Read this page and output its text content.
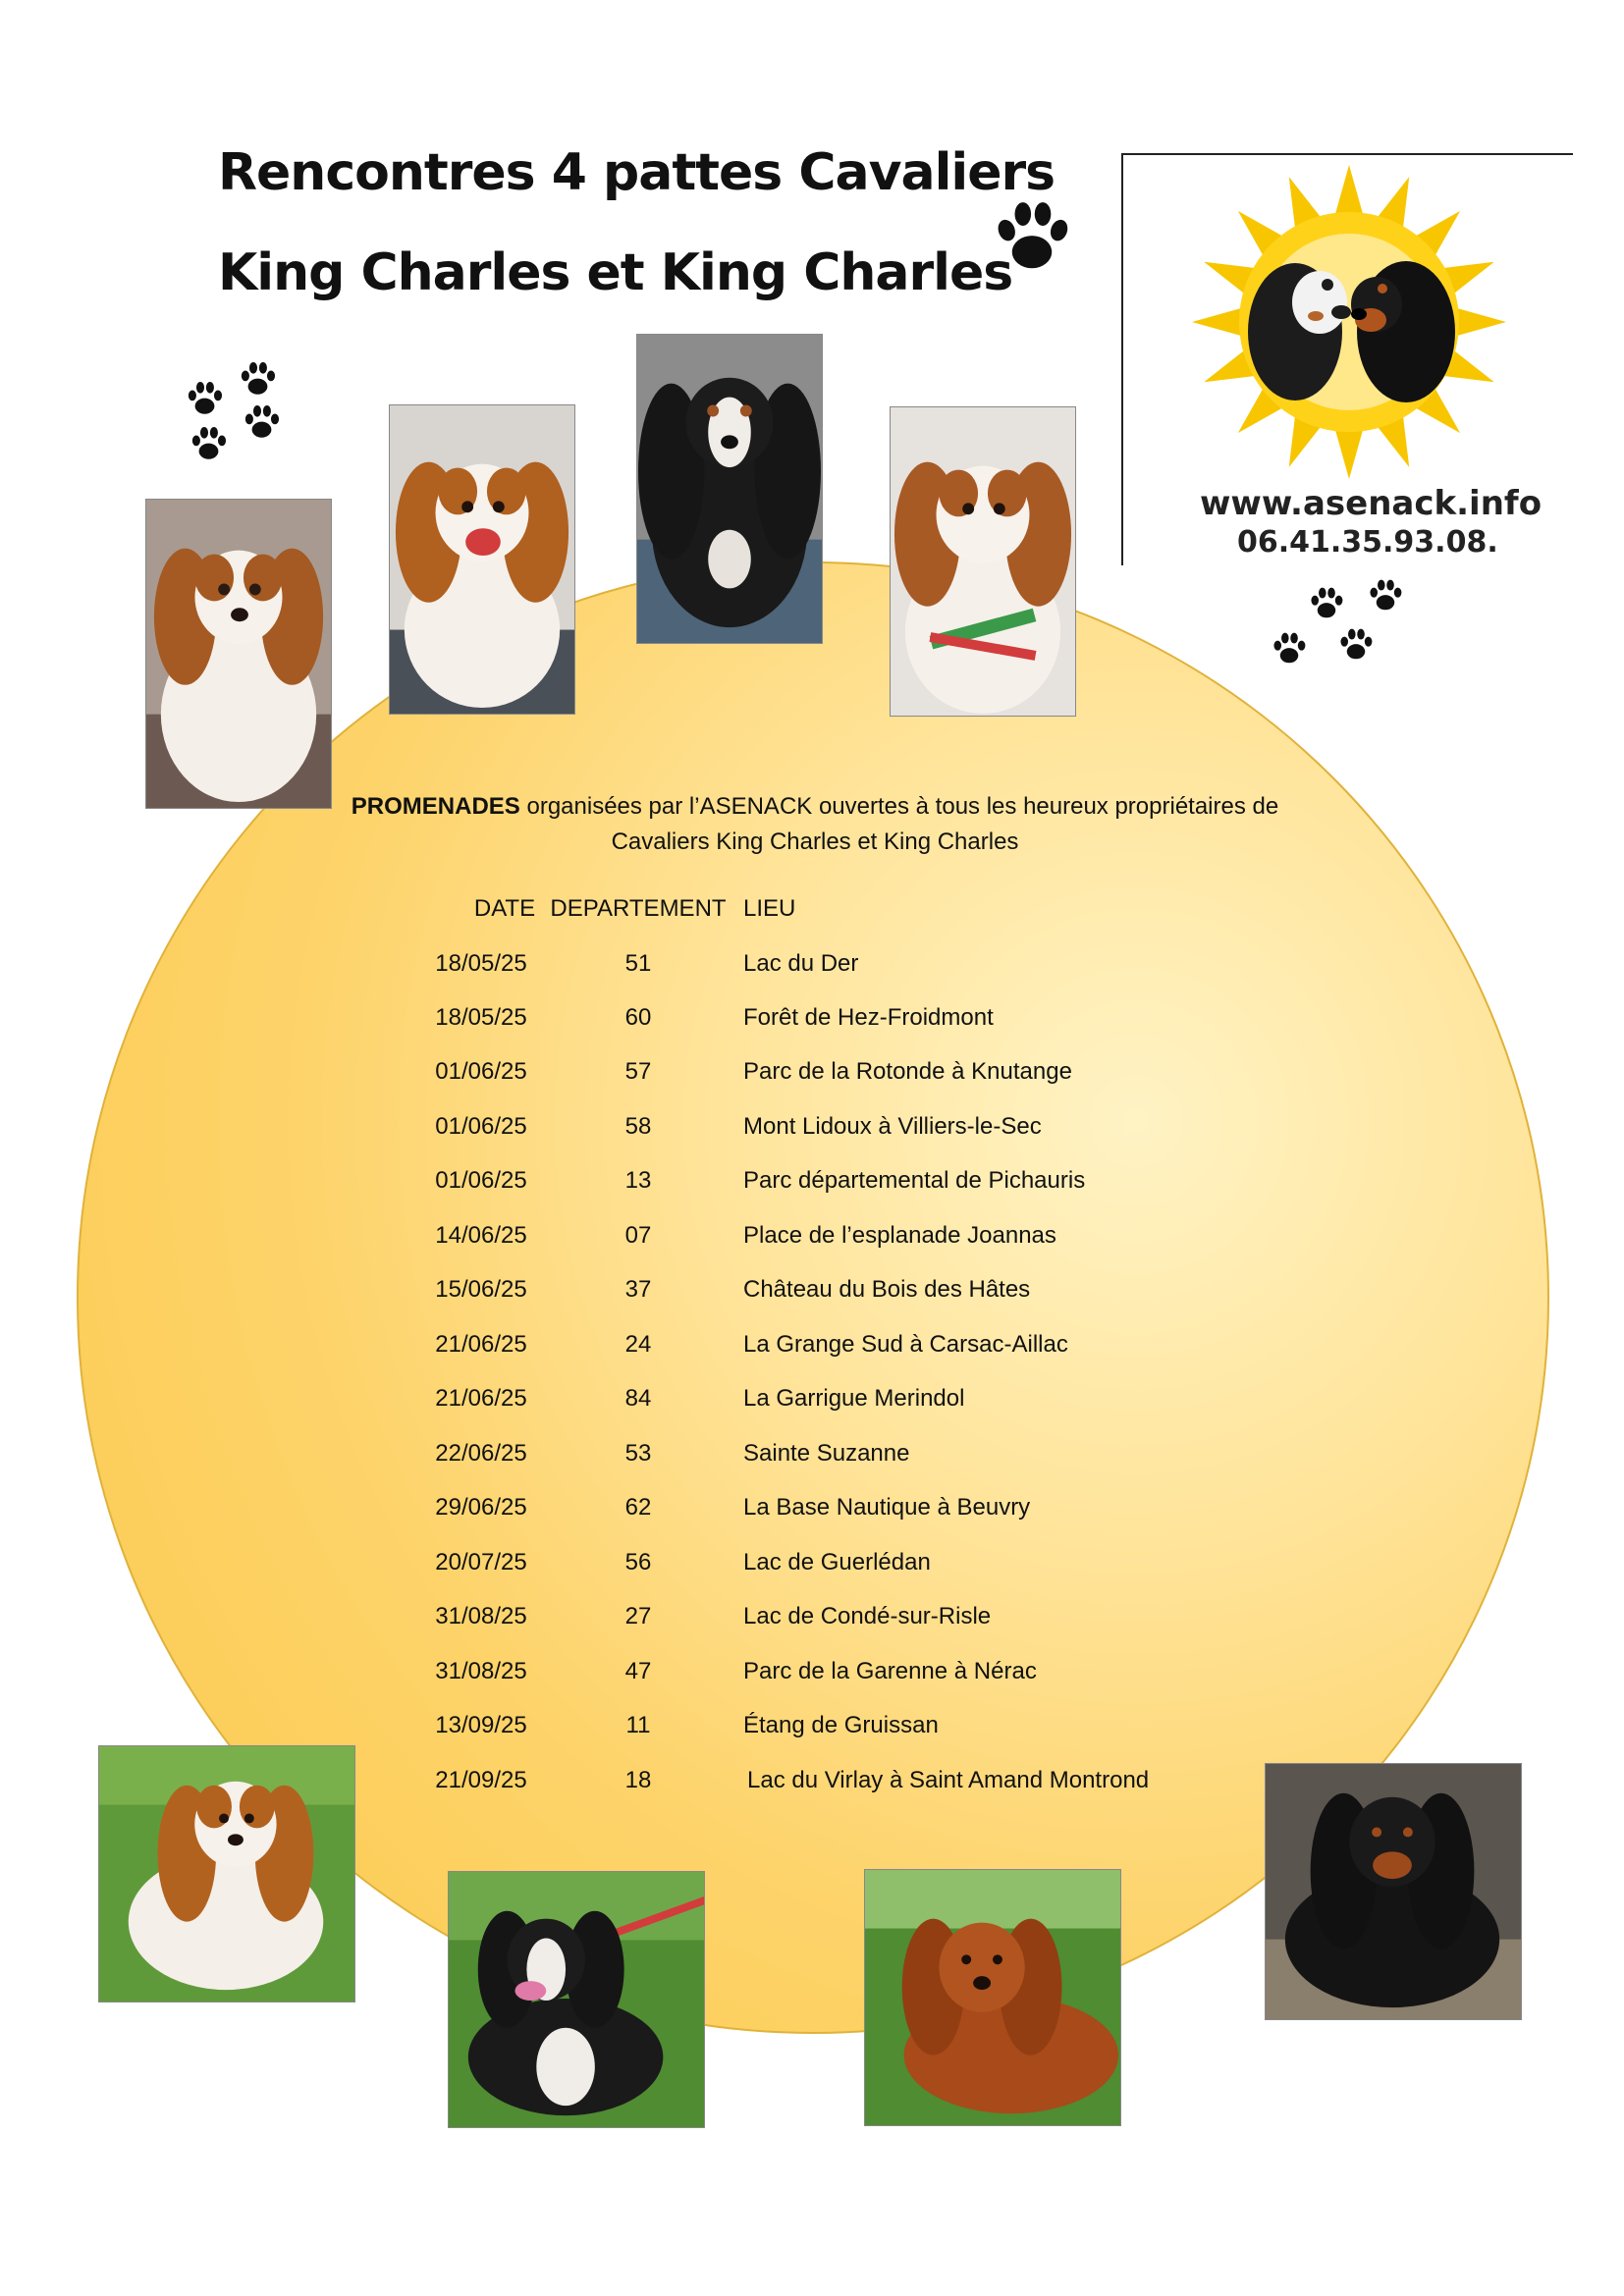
Rencontres 4 pattes Cavaliers
King Charles et King Charles
www.asenack.info
06.41.35.93.08.
PROMENADES organisées par l’ASENACK ouvertes à tous les heureux propriétaires de
Cavaliers King Charles et King Charles
DATE DEPARTEMENT LIEU
18/05/25	51	Lac du Der
18/05/25	60	Forêt de Hez-Froidmont
01/06/25	57	Parc de la Rotonde à Knutange
01/06/25	58	Mont Lidoux à Villiers-le-Sec
01/06/25	13	Parc départemental de Pichauris
14/06/25	07	Place de l’esplanade Joannas
15/06/25	37	Château du Bois des Hâtes
21/06/25	24	La Grange Sud à Carsac-Aillac
21/06/25	84	La Garrigue Merindol
22/06/25	53	Sainte Suzanne
29/06/25	62	La Base Nautique à Beuvry
20/07/25	56	Lac de Guerlédan
31/08/25	27	Lac de Condé-sur-Risle
31/08/25	47	Parc de la Garenne à Nérac
13/09/25	11	Étang de Gruissan
21/09/25	18	Lac du Virlay à Saint Amand Montrond
